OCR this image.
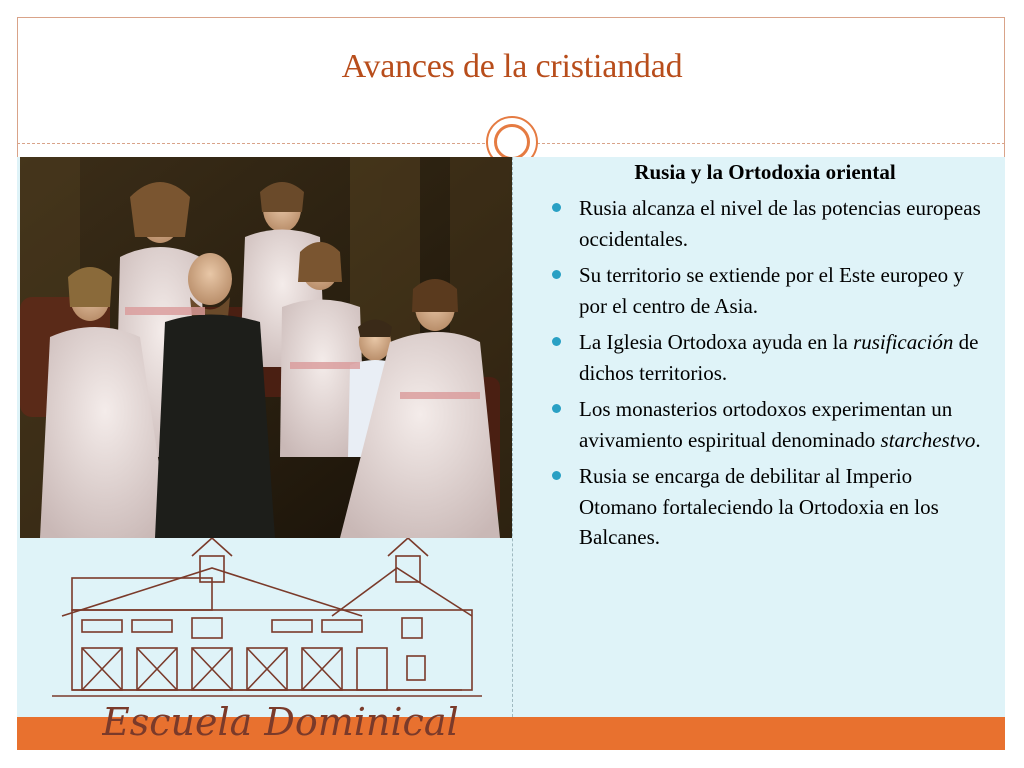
Avances de la cristiandad
Escuela Dominical
Rusia y la Ortodoxia oriental
Rusia alcanza el nivel de las potencias europeas occidentales.
Su territorio se extiende por el Este europeo y por el centro de Asia.
La Iglesia Ortodoxa ayuda en la rusificación de dichos territorios.
Los monasterios ortodoxos experimentan un avivamiento espiritual denominado starchestvo.
Rusia se encarga de debilitar al Imperio Otomano fortaleciendo la Ortodoxia en los Balcanes.
